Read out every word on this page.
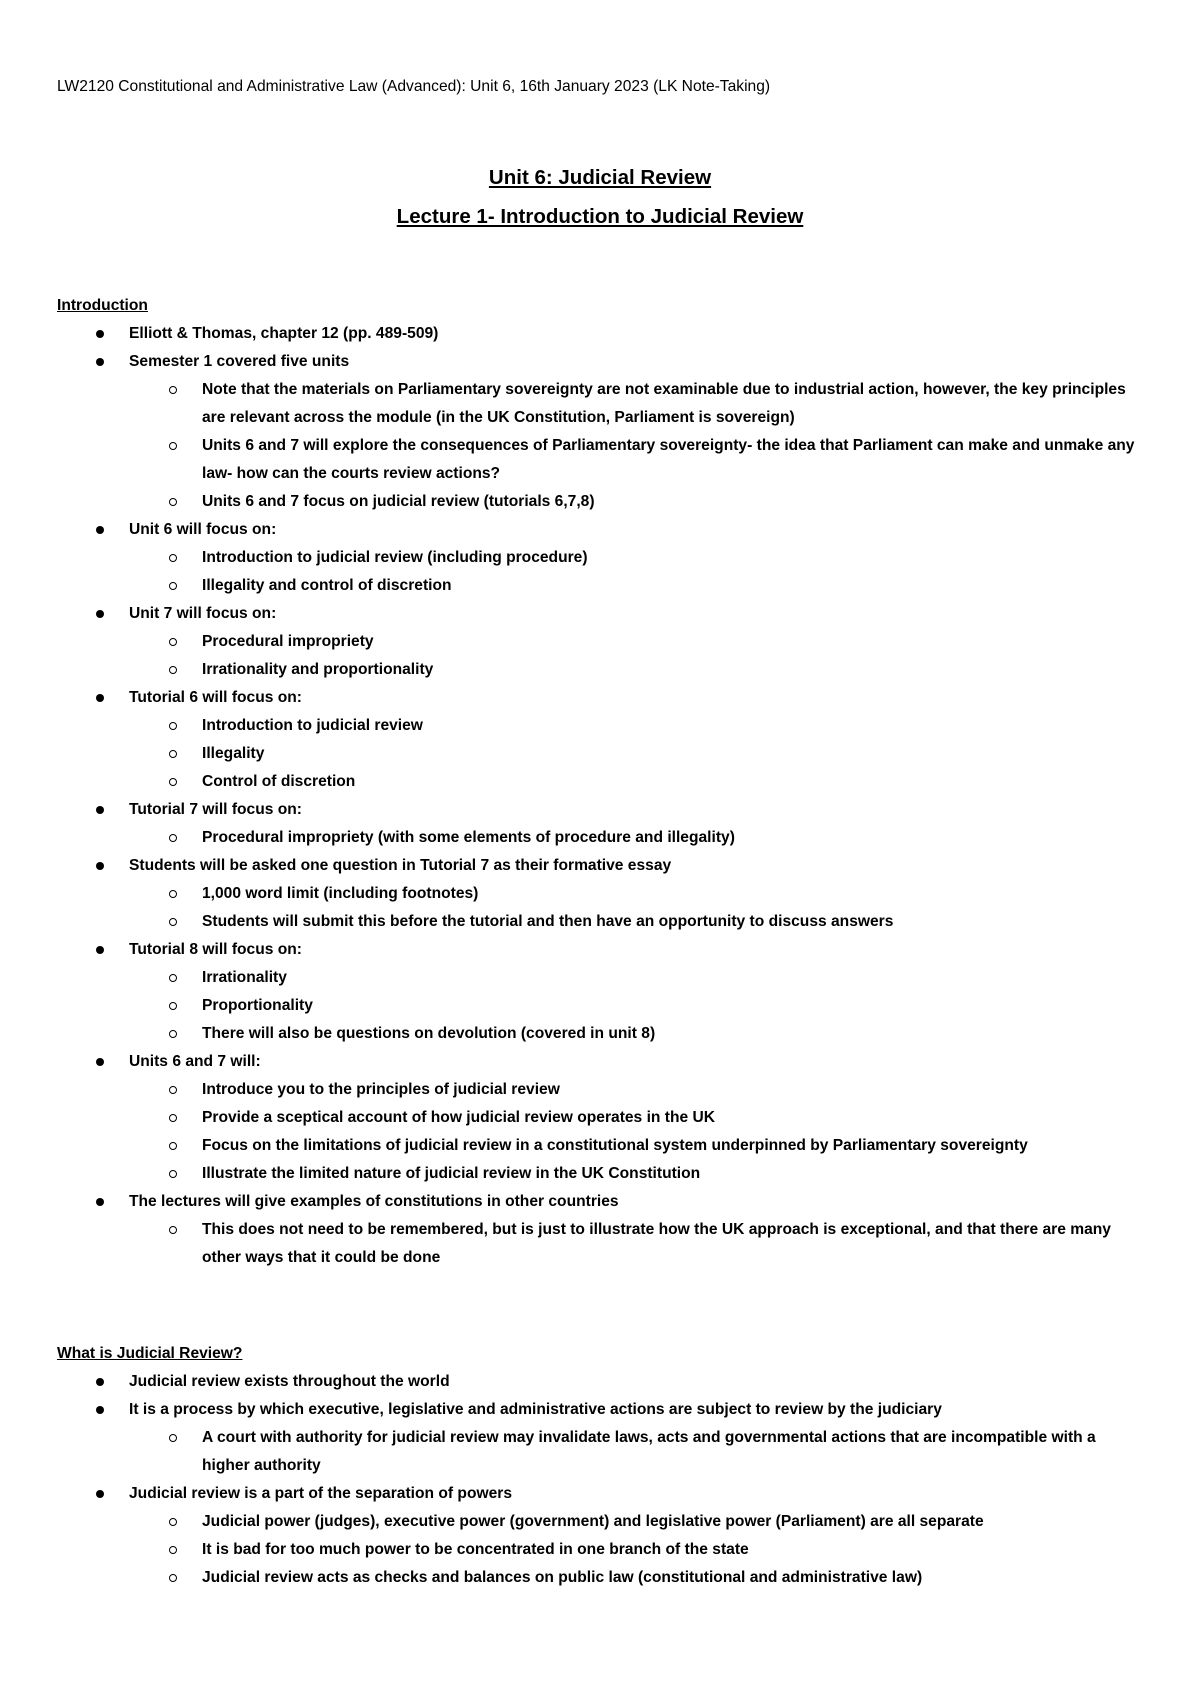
LW2120 Constitutional and Administrative Law (Advanced): Unit 6, 16th January 2023 (LK Note-Taking)
Unit 6: Judicial Review
Lecture 1- Introduction to Judicial Review
Introduction
Elliott & Thomas, chapter 12 (pp. 489-509)
Semester 1 covered five units
Note that the materials on Parliamentary sovereignty are not examinable due to industrial action, however, the key principles are relevant across the module (in the UK Constitution, Parliament is sovereign)
Units 6 and 7 will explore the consequences of Parliamentary sovereignty- the idea that Parliament can make and unmake any law- how can the courts review actions?
Units 6 and 7 focus on judicial review (tutorials 6,7,8)
Unit 6 will focus on:
Introduction to judicial review (including procedure)
Illegality and control of discretion
Unit 7 will focus on:
Procedural impropriety
Irrationality and proportionality
Tutorial 6 will focus on:
Introduction to judicial review
Illegality
Control of discretion
Tutorial 7 will focus on:
Procedural impropriety (with some elements of procedure and illegality)
Students will be asked one question in Tutorial 7 as their formative essay
1,000 word limit (including footnotes)
Students will submit this before the tutorial and then have an opportunity to discuss answers
Tutorial 8 will focus on:
Irrationality
Proportionality
There will also be questions on devolution (covered in unit 8)
Units 6 and 7 will:
Introduce you to the principles of judicial review
Provide a sceptical account of how judicial review operates in the UK
Focus on the limitations of judicial review in a constitutional system underpinned by Parliamentary sovereignty
Illustrate the limited nature of judicial review in the UK Constitution
The lectures will give examples of constitutions in other countries
This does not need to be remembered, but is just to illustrate how the UK approach is exceptional, and that there are many other ways that it could be done
What is Judicial Review?
Judicial review exists throughout the world
It is a process by which executive, legislative and administrative actions are subject to review by the judiciary
A court with authority for judicial review may invalidate laws, acts and governmental actions that are incompatible with a higher authority
Judicial review is a part of the separation of powers
Judicial power (judges), executive power (government) and legislative power (Parliament) are all separate
It is bad for too much power to be concentrated in one branch of the state
Judicial review acts as checks and balances on public law (constitutional and administrative law)
